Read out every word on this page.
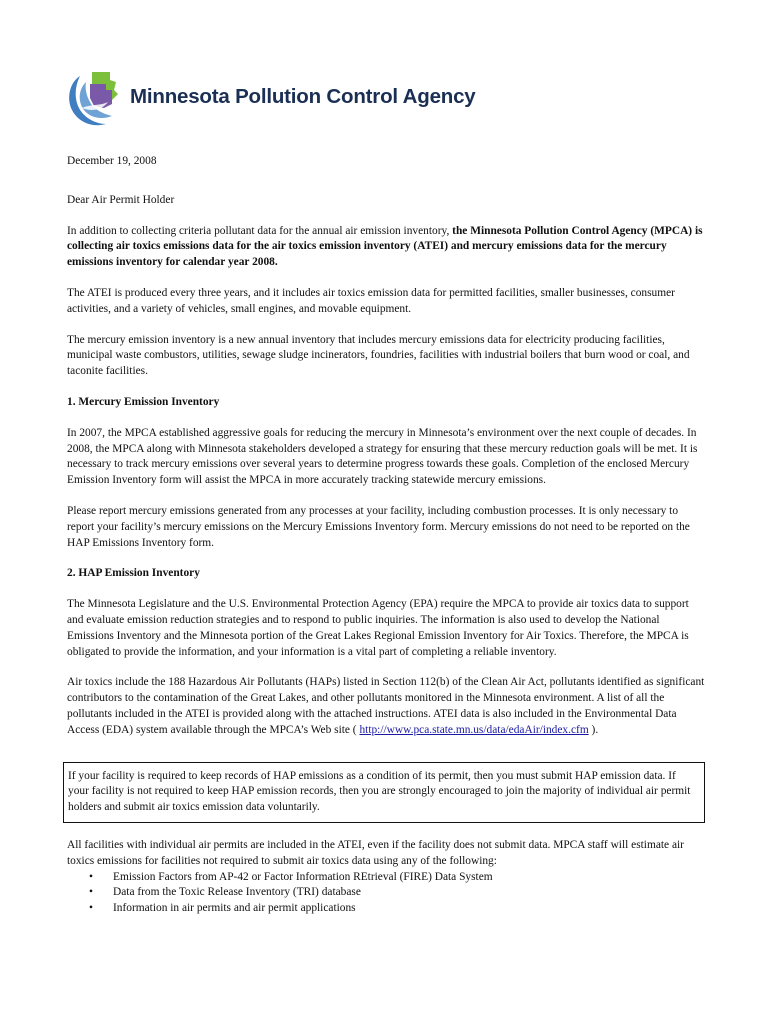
Minnesota Pollution Control Agency

December 19, 2008

Dear Air Permit Holder

In addition to collecting criteria pollutant data for the annual air emission inventory, the Minnesota Pollution Control Agency (MPCA) is collecting air toxics emissions data for the air toxics emission inventory (ATEI) and mercury emissions data for the mercury emissions inventory for calendar year 2008.

The ATEI is produced every three years, and it includes air toxics emission data for permitted facilities, smaller businesses, consumer activities, and a variety of vehicles, small engines, and movable equipment.

The mercury emission inventory is a new annual inventory that includes mercury emissions data for electricity producing facilities, municipal waste combustors, utilities, sewage sludge incinerators, foundries, facilities with industrial boilers that burn wood or coal, and taconite facilities.

1. Mercury Emission Inventory

In 2007, the MPCA established aggressive goals for reducing the mercury in Minnesota’s environment over the next couple of decades. In 2008, the MPCA along with Minnesota stakeholders developed a strategy for ensuring that these mercury reduction goals will be met. It is necessary to track mercury emissions over several years to determine progress towards these goals. Completion of the enclosed Mercury Emission Inventory form will assist the MPCA in more accurately tracking statewide mercury emissions.

Please report mercury emissions generated from any processes at your facility, including combustion processes. It is only necessary to report your facility’s mercury emissions on the Mercury Emissions Inventory form. Mercury emissions do not need to be reported on the HAP Emissions Inventory form.

2. HAP Emission Inventory

The Minnesota Legislature and the U.S. Environmental Protection Agency (EPA) require the MPCA to provide air toxics data to support and evaluate emission reduction strategies and to respond to public inquiries. The information is also used to develop the National Emissions Inventory and the Minnesota portion of the Great Lakes Regional Emission Inventory for Air Toxics. Therefore, the MPCA is obligated to provide the information, and your information is a vital part of completing a reliable inventory.

Air toxics include the 188 Hazardous Air Pollutants (HAPs) listed in Section 112(b) of the Clean Air Act, pollutants identified as significant contributors to the contamination of the Great Lakes, and other pollutants monitored in the Minnesota environment. A list of all the pollutants included in the ATEI is provided along with the attached instructions. ATEI data is also included in the Environmental Data Access (EDA) system available through the MPCA’s Web site ( http://www.pca.state.mn.us/data/edaAir/index.cfm ).

If your facility is required to keep records of HAP emissions as a condition of its permit, then you must submit HAP emission data. If your facility is not required to keep HAP emission records, then you are strongly encouraged to join the majority of individual air permit holders and submit air toxics emission data voluntarily.

All facilities with individual air permits are included in the ATEI, even if the facility does not submit data. MPCA staff will estimate air toxics emissions for facilities not required to submit air toxics data using any of the following:

• Emission Factors from AP-42 or Factor Information REtrieval (FIRE) Data System
• Data from the Toxic Release Inventory (TRI) database
• Information in air permits and air permit applications
